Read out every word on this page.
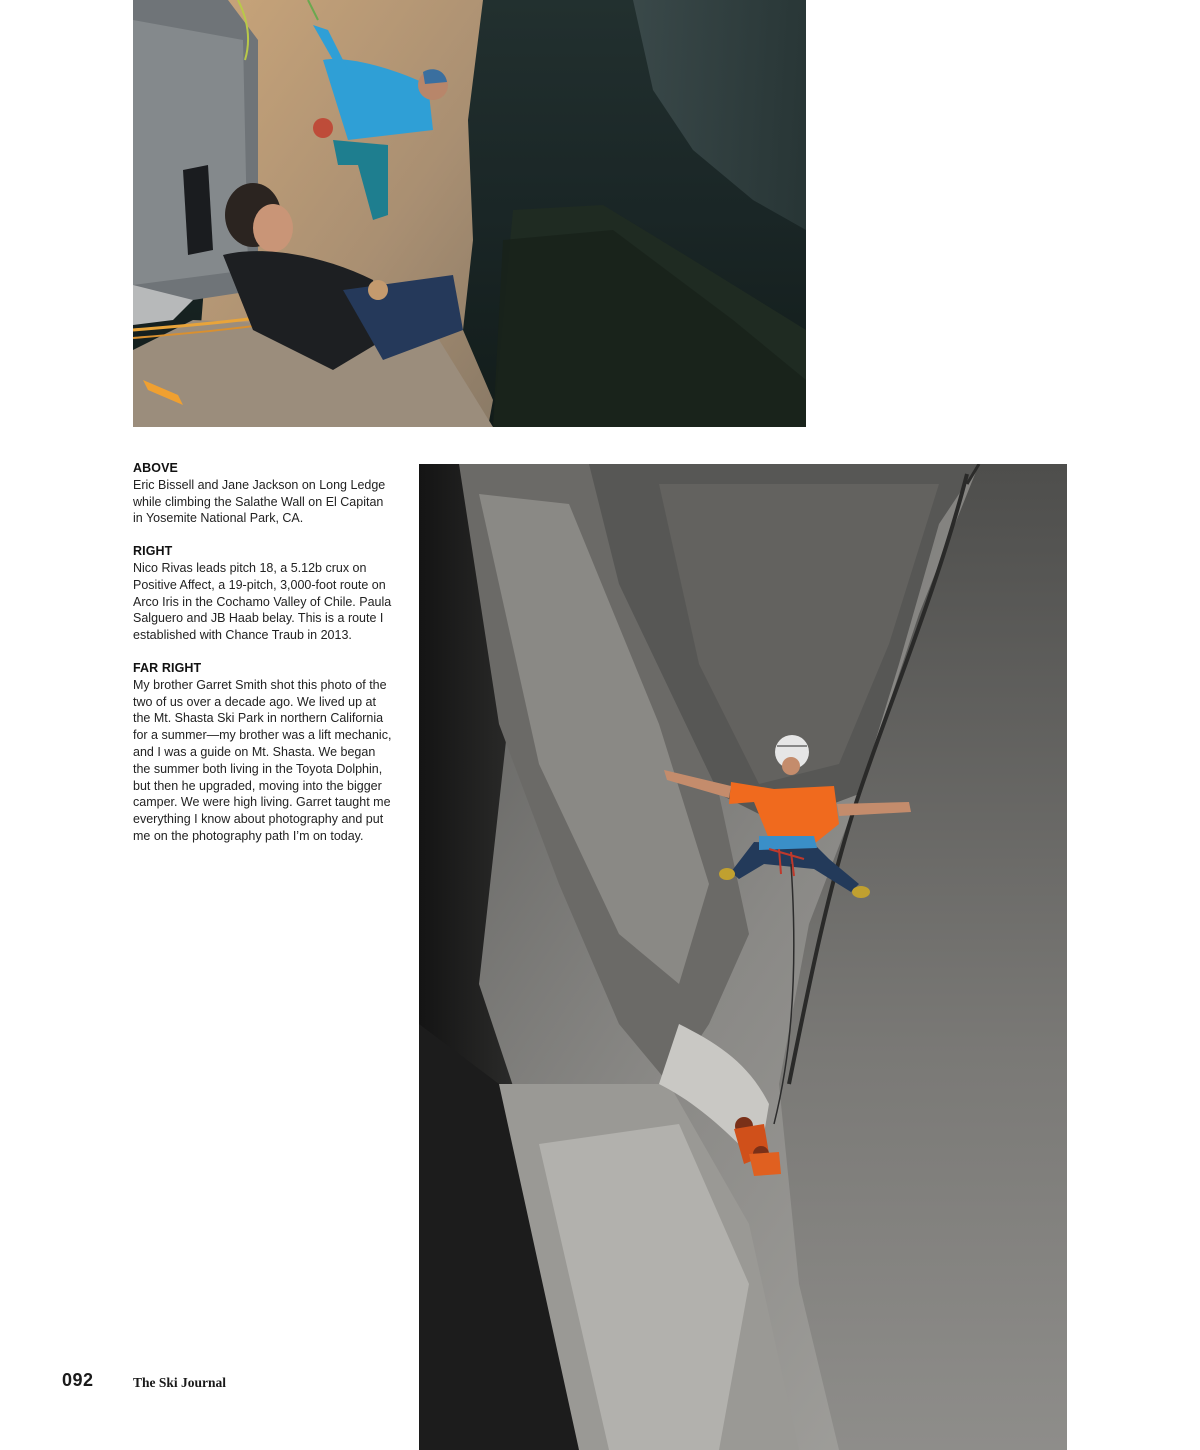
ABOVE
Eric Bissell and Jane Jackson on Long Ledge while climbing the Salathe Wall on El Capitan in Yosemite National Park, CA.
RIGHT
Nico Rivas leads pitch 18, a 5.12b crux on Positive Affect, a 19-pitch, 3,000-foot route on Arco Iris in the Cochamo Valley of Chile. Paula Salguero and JB Haab belay. This is a route I established with Chance Traub in 2013.
FAR RIGHT
My brother Garret Smith shot this photo of the two of us over a decade ago. We lived up at the Mt. Shasta Ski Park in northern California for a summer—my brother was a lift mechanic, and I was a guide on Mt. Shasta. We began the summer both living in the Toyota Dolphin, but then he upgraded, moving into the bigger camper. We were high living. Garret taught me everything I know about photography and put me on the photography path I’m on today.
092	The Ski Journal
